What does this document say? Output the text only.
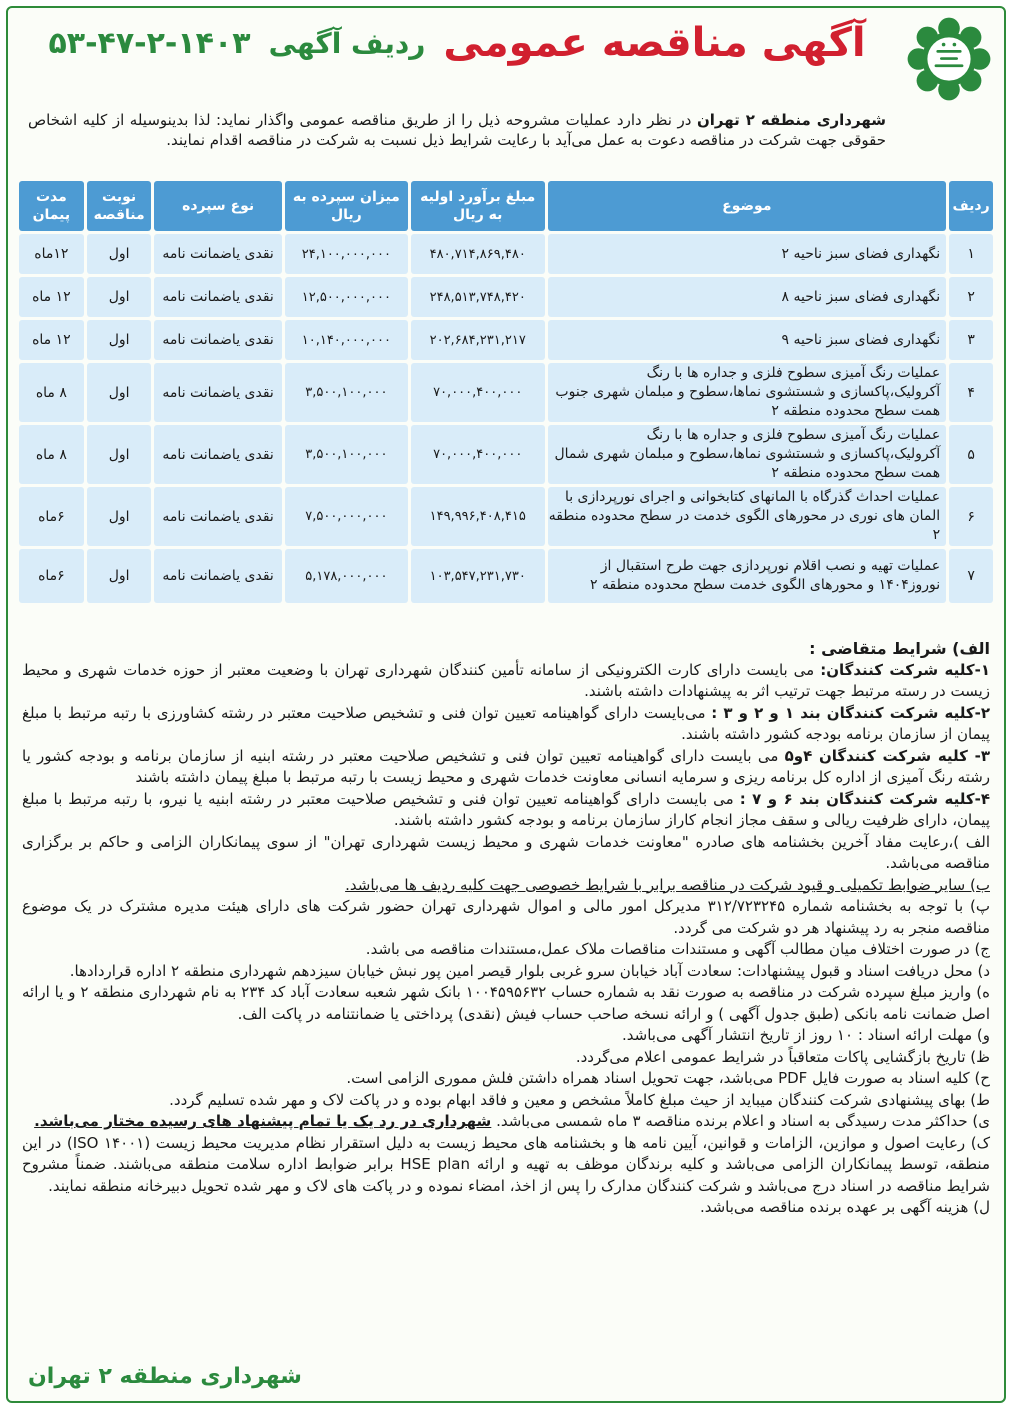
آگهی مناقصه عمومی
ردیف آگهی
۵۳-۴۷-۲-۱۴۰۳
شهرداری منطقه ۲ تهران در نظر دارد عملیات مشروحه ذیل را از طریق مناقصه عمومی واگذار نماید: لذا بدینوسیله از کلیه اشخاص حقوقی جهت شرکت در مناقصه دعوت به عمل می‌آید با رعایت شرایط ذیل نسبت به شرکت در مناقصه اقدام نمایند.
ردیف	موضوع	مبلغ برآورد اولیه به ریال	میزان سپرده به ریال	نوع سپرده	نوبت مناقصه	مدت پیمان
۱	نگهداری فضای سبز ناحیه ۲	۴۸۰,۷۱۴,۸۶۹,۴۸۰	۲۴,۱۰۰,۰۰۰,۰۰۰	نقدی یاضمانت نامه	اول	۱۲ماه
۲	نگهداری فضای سبز ناحیه ۸	۲۴۸,۵۱۳,۷۴۸,۴۲۰	۱۲,۵۰۰,۰۰۰,۰۰۰	نقدی یاضمانت نامه	اول	۱۲ ماه
۳	نگهداری فضای سبز ناحیه ۹	۲۰۲,۶۸۴,۲۳۱,۲۱۷	۱۰,۱۴۰,۰۰۰,۰۰۰	نقدی یاضمانت نامه	اول	۱۲ ماه
۴	عملیات رنگ آمیزی سطوح فلزی و جداره ها با رنگ آکرولیک،پاکسازی و شستشوی نماها،سطوح و مبلمان شهری جنوب همت سطح محدوده منطقه ۲	۷۰,۰۰۰,۴۰۰,۰۰۰	۳,۵۰۰,۱۰۰,۰۰۰	نقدی یاضمانت نامه	اول	۸ ماه
۵	عملیات رنگ آمیزی سطوح فلزی و جداره ها با رنگ آکرولیک،پاکسازی و شستشوی نماها،سطوح و مبلمان شهری شمال همت سطح محدوده منطقه ۲	۷۰,۰۰۰,۴۰۰,۰۰۰	۳,۵۰۰,۱۰۰,۰۰۰	نقدی یاضمانت نامه	اول	۸ ماه
۶	عملیات احداث گذرگاه با المانهای کتابخوانی و اجرای نورپردازی با المان های نوری در محورهای الگوی خدمت در سطح محدوده منطقه ۲	۱۴۹,۹۹۶,۴۰۸,۴۱۵	۷,۵۰۰,۰۰۰,۰۰۰	نقدی یاضمانت نامه	اول	۶ماه
۷	عملیات تهیه و نصب اقلام نورپردازی جهت طرح استقبال از نوروز۱۴۰۴ و محورهای الگوی خدمت سطح محدوده منطقه ۲	۱۰۳,۵۴۷,۲۳۱,۷۳۰	۵,۱۷۸,۰۰۰,۰۰۰	نقدی یاضمانت نامه	اول	۶ماه

الف) شرایط متقاضی :

۱-کلیه شرکت کنندگان: می بایست دارای کارت الکترونیکی از سامانه تأمین کنندگان شهرداری تهران با وضعیت معتبر از حوزه خدمات شهری و محیط زیست در رسته مرتبط جهت ترتیب اثر به پیشنهادات داشته باشند.

۲-کلیه شرکت کنندگان بند ۱ و ۲ و ۳ : می‌بایست دارای گواهینامه تعیین توان فنی و تشخیص صلاحیت معتبر در رشته کشاورزی با رتبه مرتبط با مبلغ پیمان از سازمان برنامه بودجه کشور داشته باشند.

۳- کلیه شرکت کنندگان ۴و۵ می بایست دارای گواهینامه تعیین توان فنی و تشخیص صلاحیت معتبر در رشته ابنیه از سازمان برنامه و بودجه کشور یا رشته رنگ آمیزی از اداره کل برنامه ریزی و سرمایه انسانی معاونت خدمات شهری و محیط زیست با رتبه مرتبط با مبلغ پیمان داشته باشند

۴-کلیه شرکت کنندگان بند ۶ و ۷ : می بایست دارای گواهینامه تعیین توان فنی و تشخیص صلاحیت معتبر در رشته ابنیه یا نیرو، با رتبه مرتبط با مبلغ پیمان، دارای ظرفیت ریالی و سقف مجاز انجام کاراز سازمان برنامه و بودجه کشور داشته باشند.

الف )،رعایت مفاد آخرین بخشنامه های صادره "معاونت خدمات شهری و محیط زیست شهرداری تهران" از سوی پیمانکاران الزامی و حاکم بر برگزاری مناقصه می‌باشد.

ب) سایر ضوابط تکمیلی و قیود شرکت در مناقصه برابر با شرایط خصوصی جهت کلیه ردیف ها می‌باشد.

پ) با توجه به بخشنامه شماره ۳۱۲/۷۲۳۲۴۵ مدیرکل امور مالی و اموال شهرداری تهران حضور شرکت های دارای هیئت مدیره مشترک در یک موضوع مناقصه منجر به رد پیشنهاد هر دو شرکت می گردد.

ج) در صورت اختلاف میان مطالب آگهی و مستندات مناقصات ملاک عمل،مستندات مناقصه می باشد.

د) محل دریافت اسناد و قبول پیشنهادات: سعادت آباد خیابان سرو غربی بلوار قیصر امین پور نبش خیابان سیزدهم شهرداری منطقه ۲ اداره قراردادها.

ه) واریز مبلغ سپرده شرکت در مناقصه به صورت نقد به شماره حساب ۱۰۰۴۵۹۵۶۳۲ بانک شهر شعبه سعادت آباد کد ۲۳۴ به نام شهرداری منطقه ۲ و یا ارائه اصل ضمانت نامه بانکی (طبق جدول آگهی ) و ارائه نسخه صاحب حساب فیش (نقدی) پرداختی یا ضمانتنامه در پاکت الف.

و) مهلت ارائه اسناد : ۱۰ روز از تاریخ انتشار آگهی می‌باشد.

ظ) تاریخ بازگشایی پاکات متعاقباً در شرایط عمومی اعلام می‌گردد.

ح) کلیه اسناد به صورت فایل PDF می‌باشد، جهت تحویل اسناد همراه داشتن فلش مموری الزامی است.

ط) بهای پیشنهادی شرکت کنندگان میباید از حیث مبلغ کاملاً مشخص و معین و فاقد ابهام بوده و در پاکت لاک و مهر شده تسلیم گردد.

ی) حداکثر مدت رسیدگی به اسناد و اعلام برنده مناقصه ۳ ماه شمسی می‌باشد. شهرداری در رد یک یا تمام پیشنهاد های رسیده مختار می‌باشد.

ک) رعایت اصول و موازین، الزامات و قوانین، آیین نامه ها و بخشنامه های محیط زیست به دلیل استقرار نظام مدیریت محیط زیست (ISO ۱۴۰۰۱) در این منطقه، توسط پیمانکاران الزامی می‌باشد و کلیه برندگان موظف به تهیه و ارائه HSE plan برابر ضوابط اداره سلامت منطقه می‌باشند. ضمناً مشروح شرایط مناقصه در اسناد درج می‌باشد و شرکت کنندگان مدارک را پس از اخذ، امضاء نموده و در پاکت های لاک و مهر شده تحویل دبیرخانه منطقه نمایند.

ل) هزینه آگهی بر عهده برنده مناقصه می‌باشد.

شهرداری منطقه ۲ تهران
